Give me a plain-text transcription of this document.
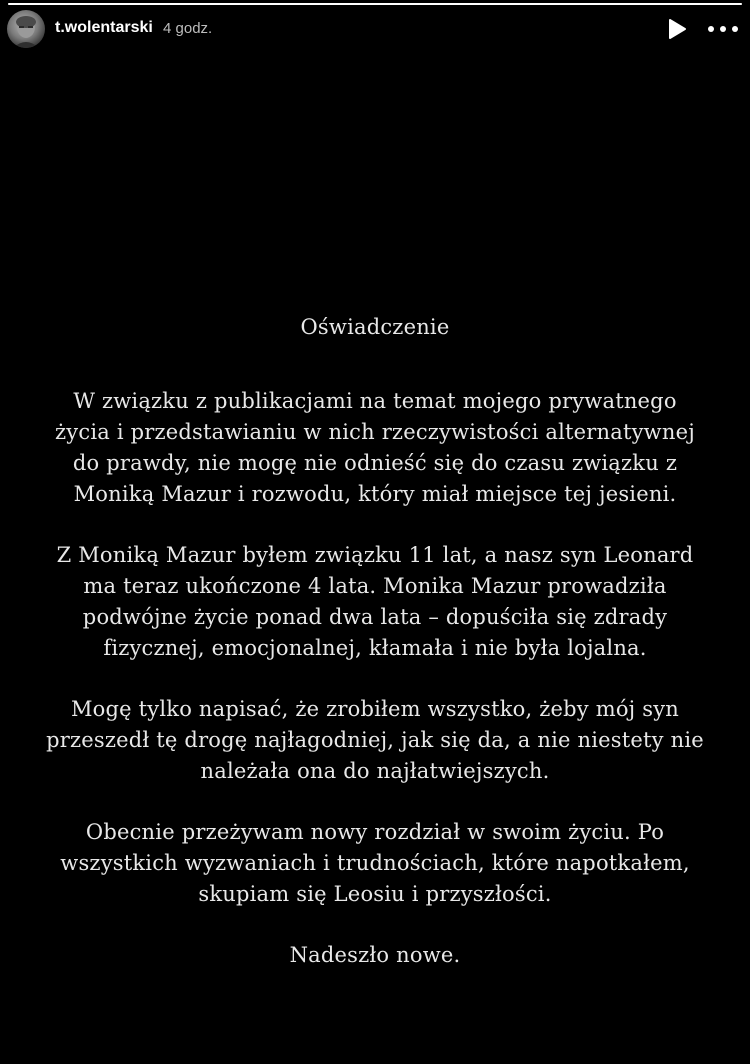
t.wolentarski 4 godz.
Oświadczenie
W związku z publikacjami na temat mojego prywatnego
życia i przedstawianiu w nich rzeczywistości alternatywnej
do prawdy, nie mogę nie odnieść się do czasu związku z
Moniką Mazur i rozwodu, który miał miejsce tej jesieni.
Z Moniką Mazur byłem związku 11 lat, a nasz syn Leonard
ma teraz ukończone 4 lata. Monika Mazur prowadziła
podwójne życie ponad dwa lata – dopuściła się zdrady
fizycznej, emocjonalnej, kłamała i nie była lojalna.
Mogę tylko napisać, że zrobiłem wszystko, żeby mój syn
przeszedł tę drogę najłagodniej, jak się da, a nie niestety nie
należała ona do najłatwiejszych.
Obecnie przeżywam nowy rozdział w swoim życiu. Po
wszystkich wyzwaniach i trudnościach, które napotkałem,
skupiam się Leosiu i przyszłości.
Nadeszło nowe.
